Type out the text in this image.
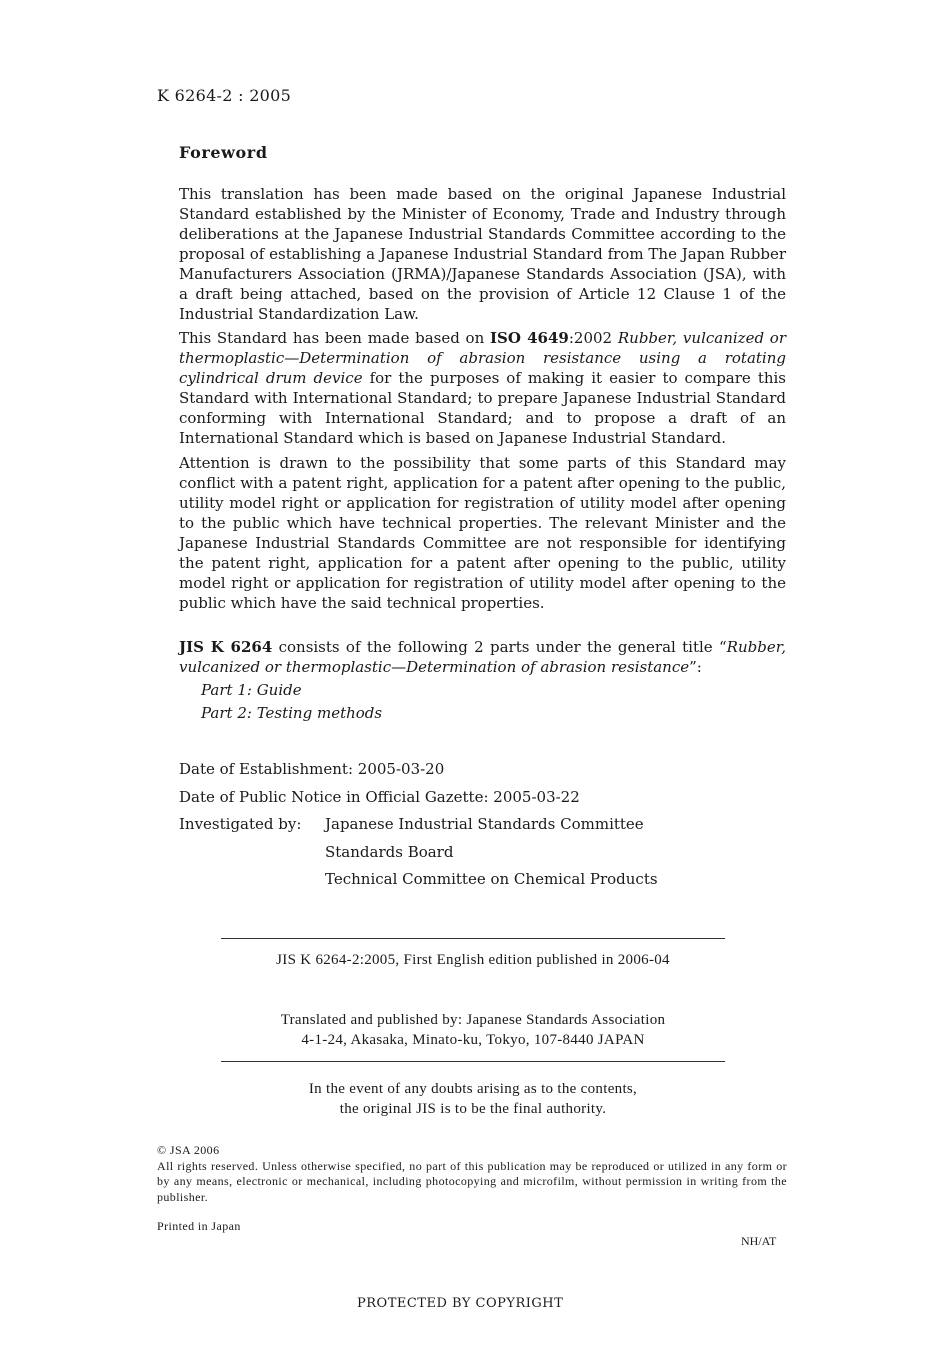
K 6264-2 : 2005
Foreword
This translation has been made based on the original Japanese Industrial Standard established by the Minister of Economy, Trade and Industry through deliberations at the Japanese Industrial Standards Committee according to the proposal of establishing a Japanese Industrial Standard from The Japan Rubber Manufacturers Association (JRMA)/Japanese Standards Association (JSA), with a draft being attached, based on the provision of Article 12 Clause 1 of the Industrial Standardization Law.
This Standard has been made based on ISO 4649:2002 Rubber, vulcanized or thermoplastic—Determination of abrasion resistance using a rotating cylindrical drum device for the purposes of making it easier to compare this Standard with International Standard; to prepare Japanese Industrial Standard conforming with International Standard; and to propose a draft of an International Standard which is based on Japanese Industrial Standard.
Attention is drawn to the possibility that some parts of this Standard may conflict with a patent right, application for a patent after opening to the public, utility model right or application for registration of utility model after opening to the public which have technical properties. The relevant Minister and the Japanese Industrial Standards Committee are not responsible for identifying the patent right, application for a patent after opening to the public, utility model right or application for registration of utility model after opening to the public which have the said technical properties.
JIS K 6264 consists of the following 2 parts under the general title “Rubber, vulcanized or thermoplastic—Determination of abrasion resistance”:
Part 1: Guide
Part 2: Testing methods
Date of Establishment: 2005-03-20
Date of Public Notice in Official Gazette: 2005-03-22
Investigated by: Japanese Industrial Standards Committee
Standards Board
Technical Committee on Chemical Products
JIS K 6264-2:2005, First English edition published in 2006-04
Translated and published by: Japanese Standards Association
4-1-24, Akasaka, Minato-ku, Tokyo, 107-8440 JAPAN
In the event of any doubts arising as to the contents,
the original JIS is to be the final authority.
© JSA 2006
All rights reserved. Unless otherwise specified, no part of this publication may be reproduced or utilized in any form or by any means, electronic or mechanical, including photocopying and microfilm, without permission in writing from the publisher.
Printed in Japan
NH/AT
PROTECTED BY COPYRIGHT
